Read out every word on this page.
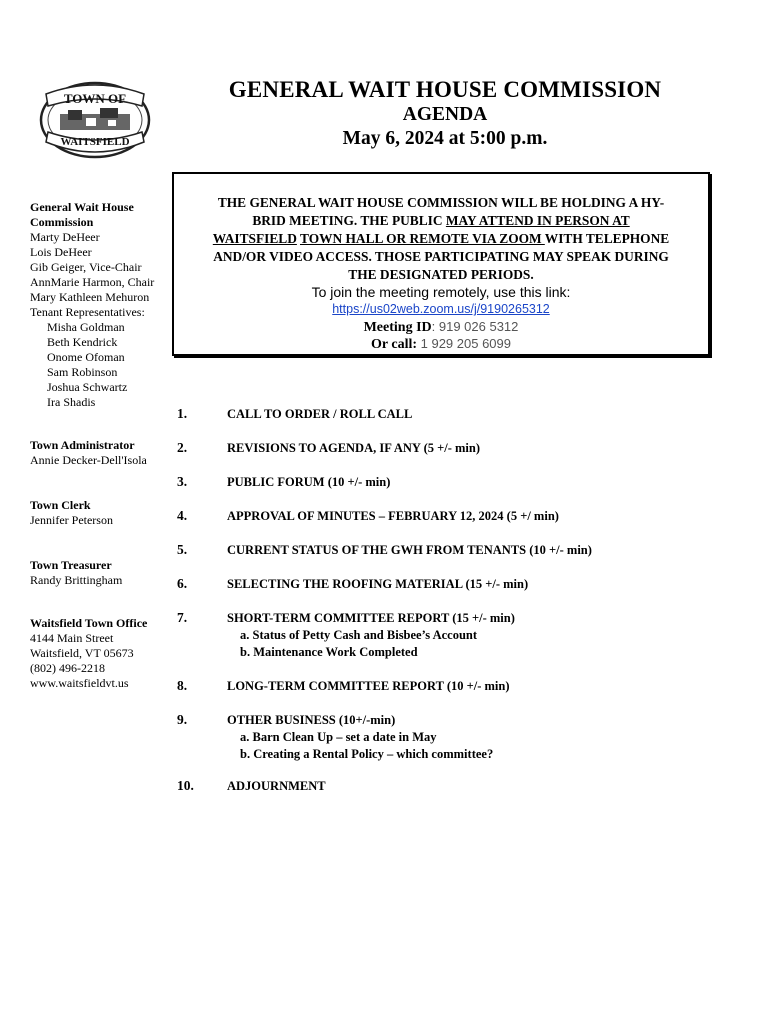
TOWN OF
WAITSFIELD
GENERAL WAIT HOUSE COMMISSION
AGENDA
May 6, 2024 at 5:00 p.m.
General Wait House
Commission
Marty DeHeer
Lois DeHeer
Gib Geiger, Vice-Chair
AnnMarie Harmon, Chair
Mary Kathleen Mehuron
Tenant Representatives:
Misha Goldman
Beth Kendrick
Onome Ofoman
Sam Robinson
Joshua Schwartz
Ira Shadis
Town Administrator
Annie Decker-Dell'Isola
Town Clerk
Jennifer Peterson
Town Treasurer
Randy Brittingham
Waitsfield Town Office
4144 Main Street
Waitsfield, VT 05673
(802) 496-2218
www.waitsfieldvt.us
THE GENERAL WAIT HOUSE COMMISSION WILL BE HOLDING A HY-
BRID MEETING. THE PUBLIC MAY ATTEND IN PERSON AT
WAITSFIELD TOWN HALL OR REMOTE VIA ZOOM WITH TELEPHONE
AND/OR VIDEO ACCESS. THOSE PARTICIPATING MAY SPEAK DURING
THE DESIGNATED PERIODS.
To join the meeting remotely, use this link:
https://us02web.zoom.us/j/9190265312
Meeting ID: 919 026 5312
Or call: 1 929 205 6099
1.	CALL TO ORDER / ROLL CALL
2.	REVISIONS TO AGENDA, IF ANY (5 +/- min)
3.	PUBLIC FORUM (10 +/- min)
4.	APPROVAL OF MINUTES – FEBRUARY 12, 2024 (5 +/ min)
5.	CURRENT STATUS OF THE GWH FROM TENANTS (10 +/- min)
6.	SELECTING THE ROOFING MATERIAL (15 +/- min)
7.	SHORT-TERM COMMITTEE REPORT (15 +/- min)
a. Status of Petty Cash and Bisbee’s Account
b. Maintenance Work Completed
8.	LONG-TERM COMMITTEE REPORT (10 +/- min)
9.	OTHER BUSINESS (10+/-min)
a. Barn Clean Up – set a date in May
b. Creating a Rental Policy – which committee?
10.	ADJOURNMENT
